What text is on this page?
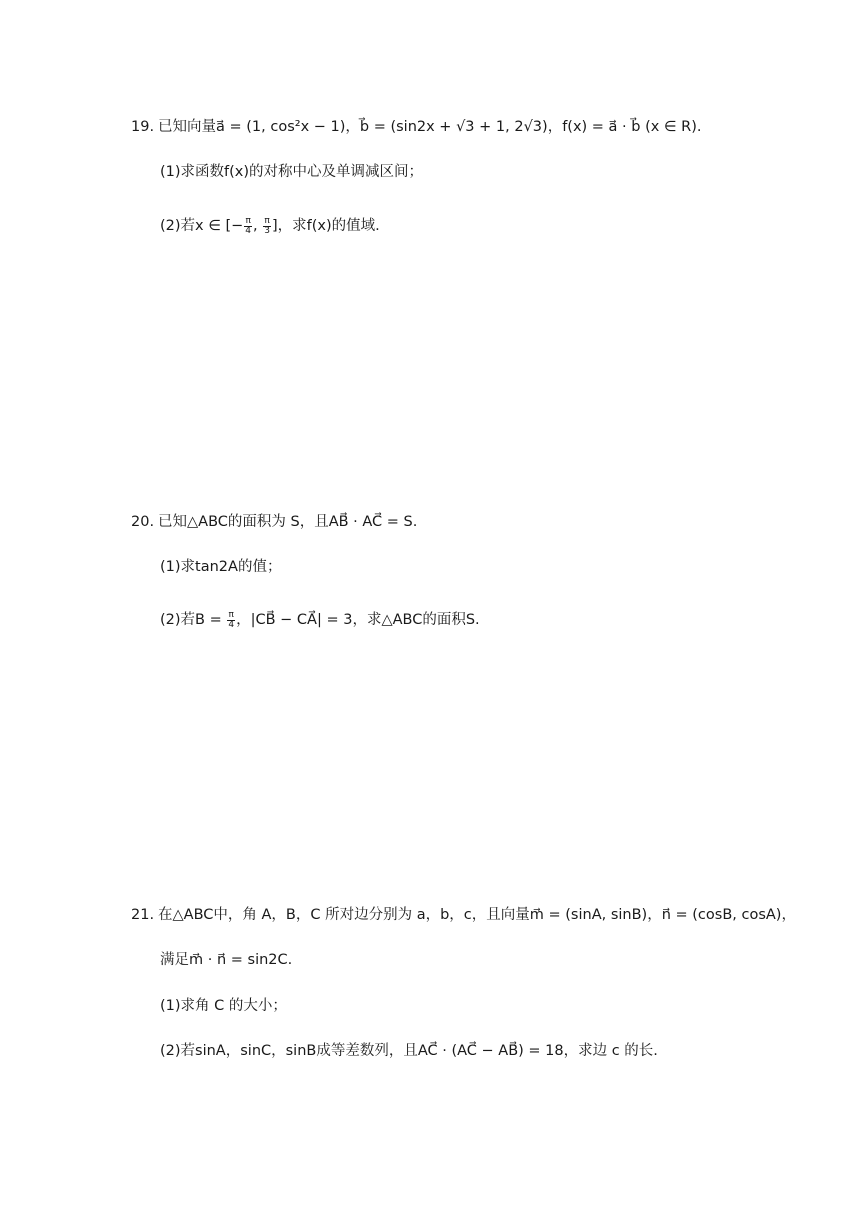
19. 已知向量a⃗ = (1, cos²x − 1)，b⃗ = (sin2x + √3 + 1, 2√3)，f(x) = a⃗ · b⃗ (x ∈ R).
(1)求函数f(x)的对称中心及单调减区间；
(2)若x ∈ [− $\frac{\pi}{4}$ , $\frac{\pi}{3}$ ]，求f(x)的值域.
20. 已知△ABC的面积为 S，且AB⃗ · AC⃗ = S.
(1)求tan2A的值；
(2)若$B = \frac{\pi}{4}$ ，|CB⃗ − CA⃗| = 3，求△ABC的面积S.
21. 在△ABC中，角 A，B，C 所对边分别为 a，b，c，且向量m⃗ = (sinA, sinB)，n⃗ = (cosB, cosA)，
满足m⃗ · n⃗ = sin2C.
(1)求角 C 的大小；
(2)若sinA，sinC，sinB成等差数列，且AC⃗ · (AC⃗ − AB⃗) = 18，求边 c 的长.
